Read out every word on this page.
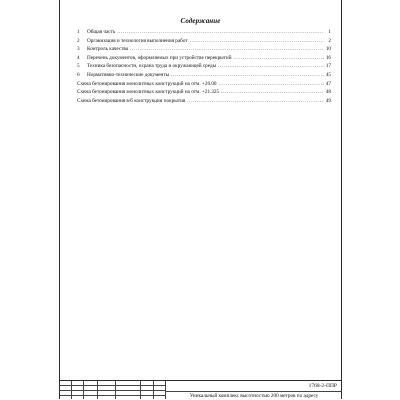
Содержание
1	Общая часть .....	1
2	Организация и технология выполнения работ .....	2
3	Контроль качества .....	10
4	Перечень документов, оформляемых при устройстве перекрытий .....	16
5	Техника безопасности, охрана труда и окружающей среды .....	17
6	Нормативно-технические документы .....	45
Схема бетонирования монолитных конструкций на отм. +26.00 .....	47
Схема бетонирования монолитных конструкций на отм. +21.325 .....	48
Схема бетонирования в/б конструкции покрытия .....	49
1768-2-ППР
Уникальный комплекс высотностью 200 метров по адресу
